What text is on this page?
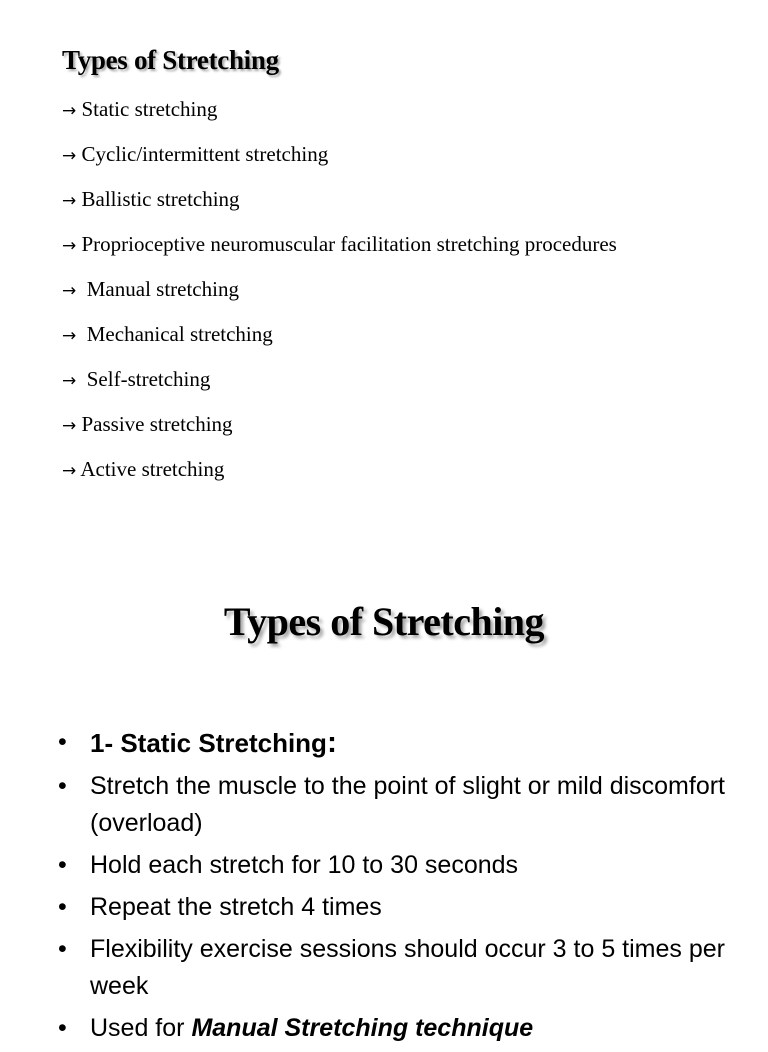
Types of Stretching
→ Static stretching
→ Cyclic/intermittent stretching
→ Ballistic stretching
→ Proprioceptive neuromuscular facilitation stretching procedures
→  Manual stretching
→  Mechanical stretching
→  Self-stretching
→ Passive stretching
→ Active stretching
Types of Stretching
• 1- Static Stretching:
• Stretch the muscle to the point of slight or mild discomfort (overload)
• Hold each stretch for 10 to 30 seconds
• Repeat the stretch 4 times
• Flexibility exercise sessions should occur 3 to 5 times per week
• Used for Manual Stretching technique
